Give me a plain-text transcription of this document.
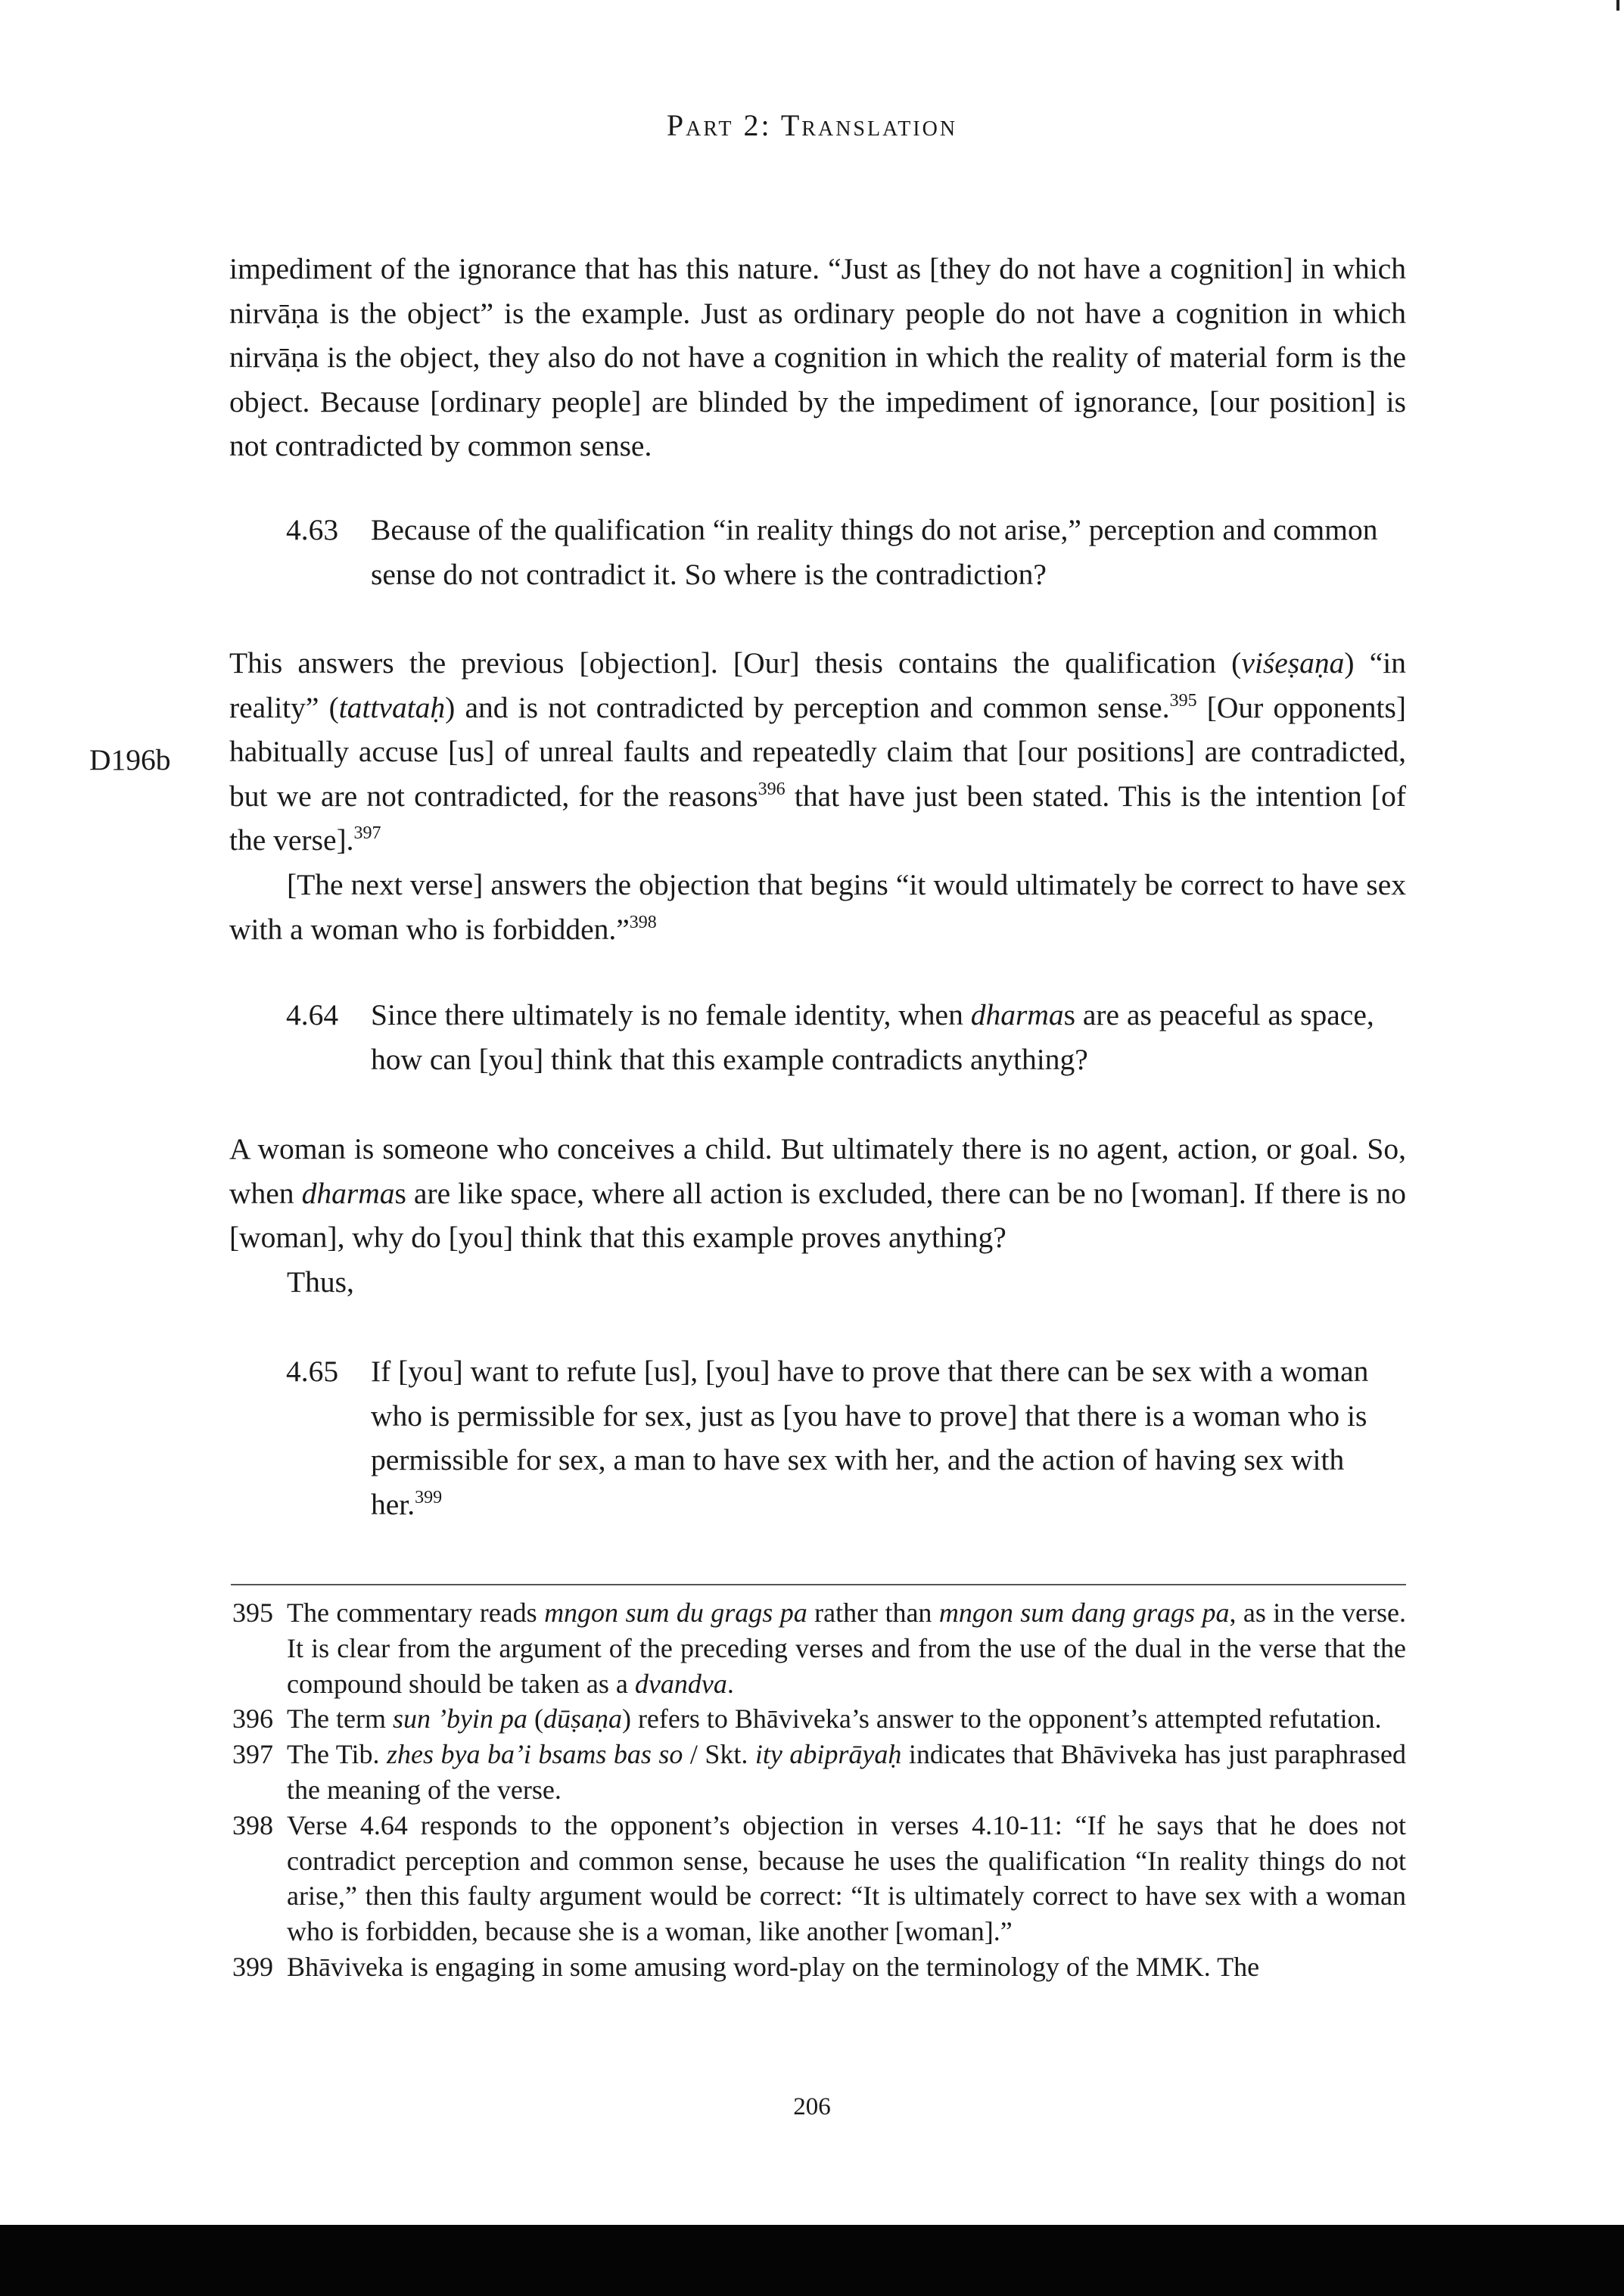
Part 2: Translation
D196b

impediment of the ignorance that has this nature. “Just as [they do not have a cognition] in which nirvāṇa is the object” is the example. Just as ordinary people do not have a cognition in which nirvāṇa is the object, they also do not have a cognition in which the reality of material form is the object. Because [ordinary people] are blinded by the impediment of ignorance, [our position] is not contradicted by common sense.

4.63 Because of the qualification “in reality things do not arise,” perception and common sense do not contradict it. So where is the contradiction?

This answers the previous [objection]. [Our] thesis contains the qualification (viśeṣaṇa) “in reality” (tattvataḥ) and is not contradicted by perception and common sense.$^{395}$ [Our opponents] habitually accuse [us] of unreal faults and repeatedly claim that [our positions] are contradicted, but we are not contradicted, for the reasons$^{396}$ that have just been stated. This is the intention [of the verse].$^{397}$

[The next verse] answers the objection that begins “it would ultimately be correct to have sex with a woman who is forbidden.”$^{398}$

4.64 Since there ultimately is no female identity, when dharmas are as peaceful as space, how can [you] think that this example contradicts anything?

A woman is someone who conceives a child. But ultimately there is no agent, action, or goal. So, when dharmas are like space, where all action is excluded, there can be no [woman]. If there is no [woman], why do [you] think that this example proves anything?

Thus,

4.65 If [you] want to refute [us], [you] have to prove that there can be sex with a woman who is permissible for sex, just as [you have to prove] that there is a woman who is permissible for sex, a man to have sex with her, and the action of having sex with her.$^{399}$
395 The commentary reads mngon sum du grags pa rather than mngon sum dang grags pa, as in the verse. It is clear from the argument of the preceding verses and from the use of the dual in the verse that the compound should be taken as a dvandva.
396 The term sun ’byin pa (dūṣaṇa) refers to Bhāviveka’s answer to the opponent’s attempted refutation.
397 The Tib. zhes bya ba’i bsams bas so / Skt. ity abiprāyaḥ indicates that Bhāviveka has just paraphrased the meaning of the verse.
398 Verse 4.64 responds to the opponent’s objection in verses 4.10-11: “If he says that he does not contradict perception and common sense, because he uses the qualification “In reality things do not arise,” then this faulty argument would be correct: “It is ultimately correct to have sex with a woman who is forbidden, because she is a woman, like another [woman].”
399 Bhāviveka is engaging in some amusing word-play on the terminology of the MMK. The
206
